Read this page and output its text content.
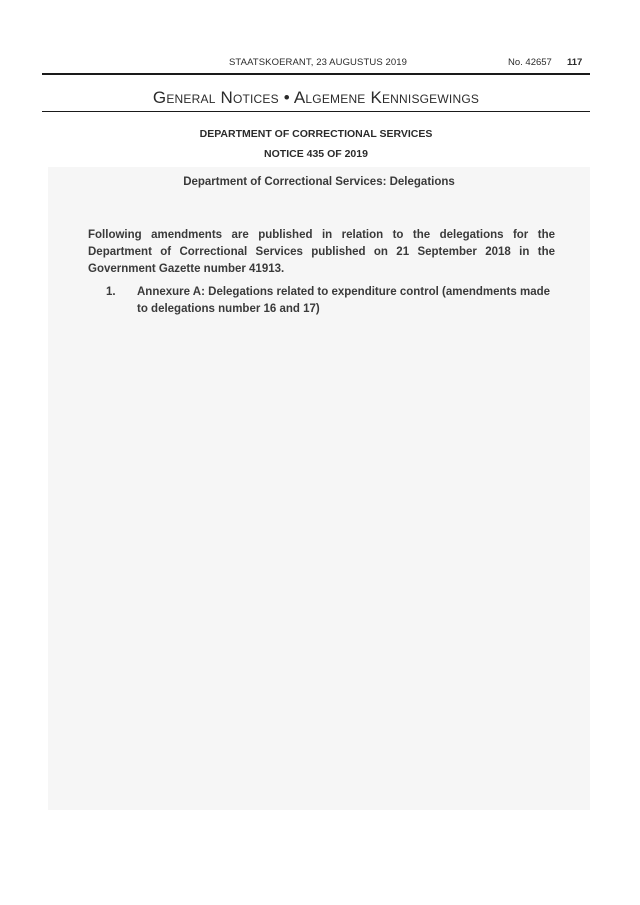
STAATSKOERANT, 23 AUGUSTUS 2019	No. 42657 117
General Notices • Algemene Kennisgewings
DEPARTMENT OF CORRECTIONAL SERVICES
NOTICE 435 OF 2019
Department of Correctional Services: Delegations
Following amendments are published in relation to the delegations for the Department of Correctional Services published on 21 September 2018 in the Government Gazette number 41913.
1. Annexure A: Delegations related to expenditure control (amendments made to delegations number 16 and 17)
